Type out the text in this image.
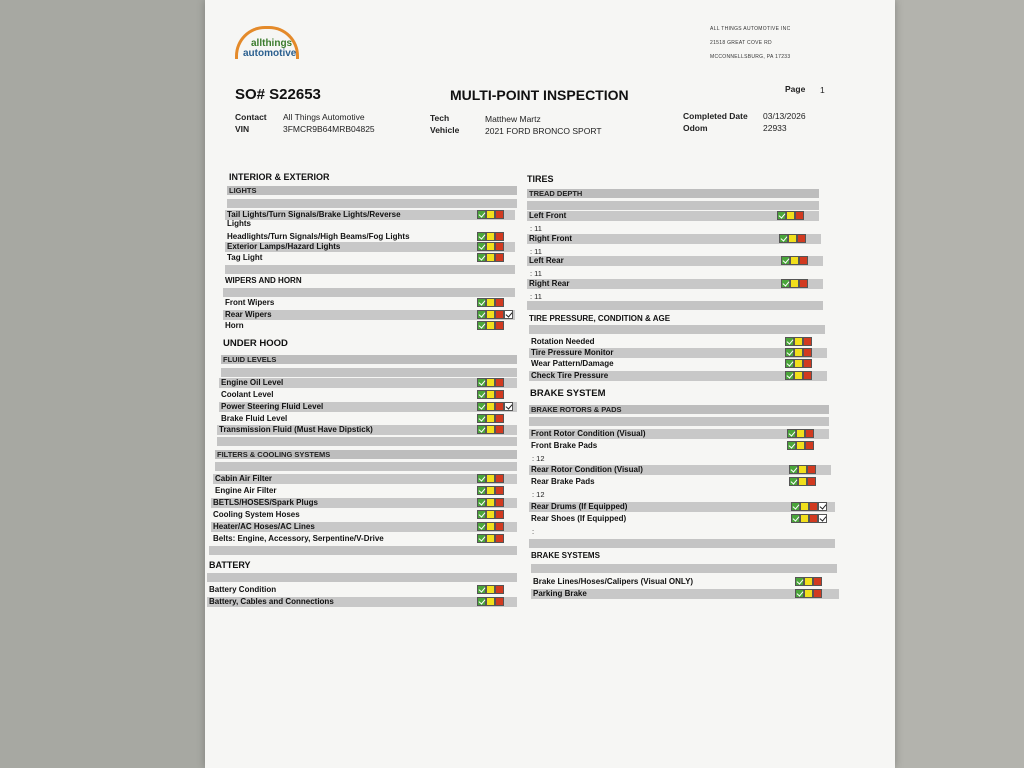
allthings
automotive
ALL THINGS AUTOMOTIVE INC
21518 GREAT COVE RD
MCCONNELLSBURG, PA 17233
SO# S22653	MULTI-POINT INSPECTION	Page 1
Contact All Things Automotive
VIN	3FMCR9B64MRB04825
Tech	Matthew Martz
Vehicle	2021 FORD BRONCO SPORT
Completed Date 03/13/2026
Odom	22933
INTERIOR & EXTERIOR
LIGHTS
Tail Lights/Turn Signals/Brake Lights/Reverse
Lights
Headlights/Turn Signals/High Beams/Fog Lights
Exterior Lamps/Hazard Lights
Tag Light
WIPERS AND HORN
Front Wipers
Rear Wipers
Horn
UNDER HOOD
FLUID LEVELS
Engine Oil Level
Coolant Level
Power Steering Fluid Level
Brake Fluid Level
Transmission Fluid (Must Have Dipstick)
FILTERS & COOLING SYSTEMS
Cabin Air Filter
Engine Air Filter
BETLS/HOSES/Spark Plugs
Cooling System Hoses
Heater/AC Hoses/AC Lines
Belts: Engine, Accessory, Serpentine/V-Drive
BATTERY
Battery Condition
Battery, Cables and Connections
TIRES
TREAD DEPTH
Left Front
: 11
Right Front
: 11
Left Rear
: 11
Right Rear
: 11
TIRE PRESSURE, CONDITION & AGE
Rotation Needed
Tire Pressure Monitor
Wear Pattern/Damage
Check Tire Pressure
BRAKE SYSTEM
BRAKE ROTORS & PADS
Front Rotor Condition (Visual)
Front Brake Pads
: 12
Rear Rotor Condition (Visual)
Rear Brake Pads
: 12
Rear Drums (If Equipped)
Rear Shoes (If Equipped)
:
BRAKE SYSTEMS
Brake Lines/Hoses/Calipers (Visual ONLY)
Parking Brake
